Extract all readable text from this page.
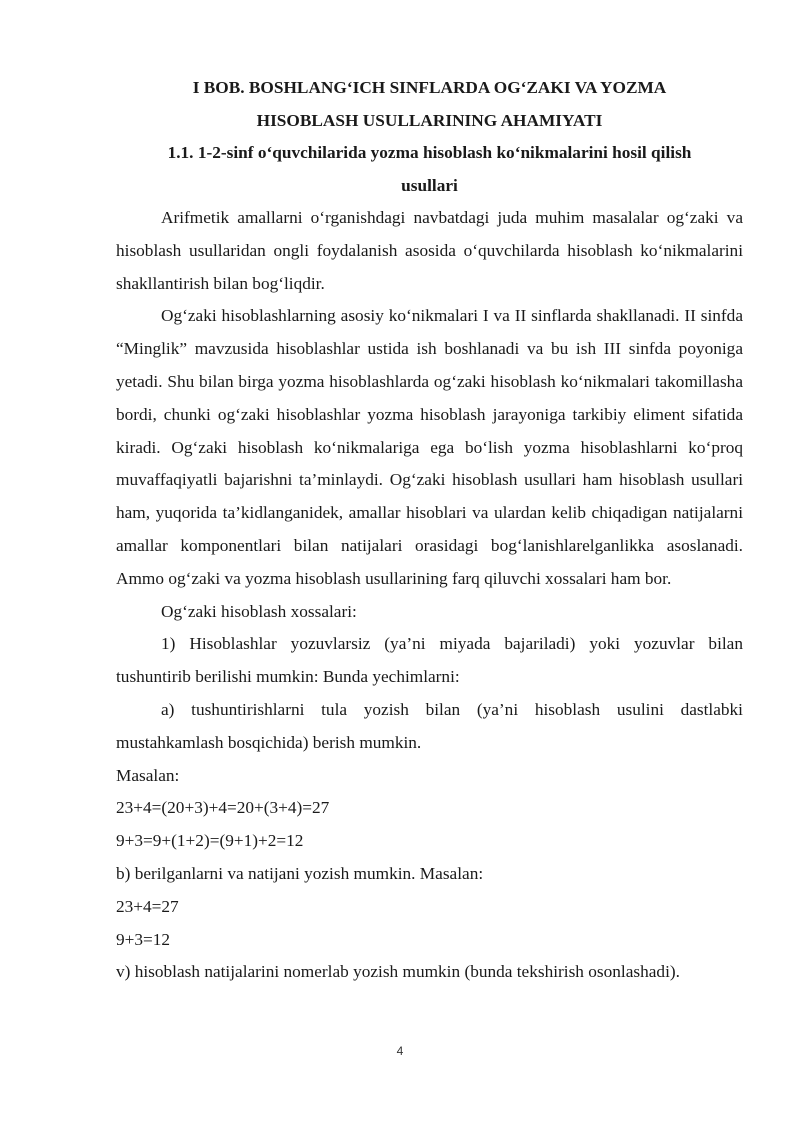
I BOB. BOSHLANG‘ICH SINFLARDA OG‘ZAKI VA YOZMA

HISOBLASH USULLARINING AHAMIYATI

1.1. 1-2-sinf o‘quvchilarida yozma hisoblash ko‘nikmalarini hosil qilish

usullari

Arifmetik amallarni o‘rganishdagi navbatdagi juda muhim masalalar og‘zaki va hisoblash usullaridan ongli foydalanish asosida o‘quvchilarda hisoblash ko‘nikmalarini shakllantirish bilan bog‘liqdir.

Og‘zaki hisoblashlarning asosiy ko‘nikmalari I va II sinflarda shakllanadi. II sinfda “Minglik” mavzusida hisoblashlar ustida ish boshlanadi va bu ish III sinfda poyoniga yetadi. Shu bilan birga yozma hisoblashlarda og‘zaki hisoblash ko‘nikmalari takomillasha bordi, chunki og‘zaki hisoblashlar yozma hisoblash jarayoniga tarkibiy eliment sifatida kiradi. Og‘zaki hisoblash ko‘nikmalariga ega bo‘lish yozma hisoblashlarni ko‘proq muvaffaqiyatli bajarishni ta’minlaydi. Og‘zaki hisoblash usullari ham hisoblash usullari ham, yuqorida ta’kidlanganidek, amallar hisoblari va ulardan kelib chiqadigan natijalarni amallar komponentlari bilan natijalari orasidagi bog‘lanishlarelganlikka asoslanadi. Ammo og‘zaki va yozma hisoblash usullarining farq qiluvchi xossalari ham bor.

Og‘zaki hisoblash xossalari:

1) Hisoblashlar yozuvlarsiz (ya’ni miyada bajariladi) yoki yozuvlar bilan tushuntirib berilishi mumkin: Bunda yechimlarni:

a) tushuntirishlarni tula yozish bilan (ya’ni hisoblash usulini dastlabki mustahkamlash bosqichida) berish mumkin.

Masalan:

23+4=(20+3)+4=20+(3+4)=27

9+3=9+(1+2)=(9+1)+2=12

b) berilganlarni va natijani yozish mumkin. Masalan:

23+4=27

9+3=12

v) hisoblash natijalarini nomerlab yozish mumkin (bunda tekshirish osonlashadi).

4
